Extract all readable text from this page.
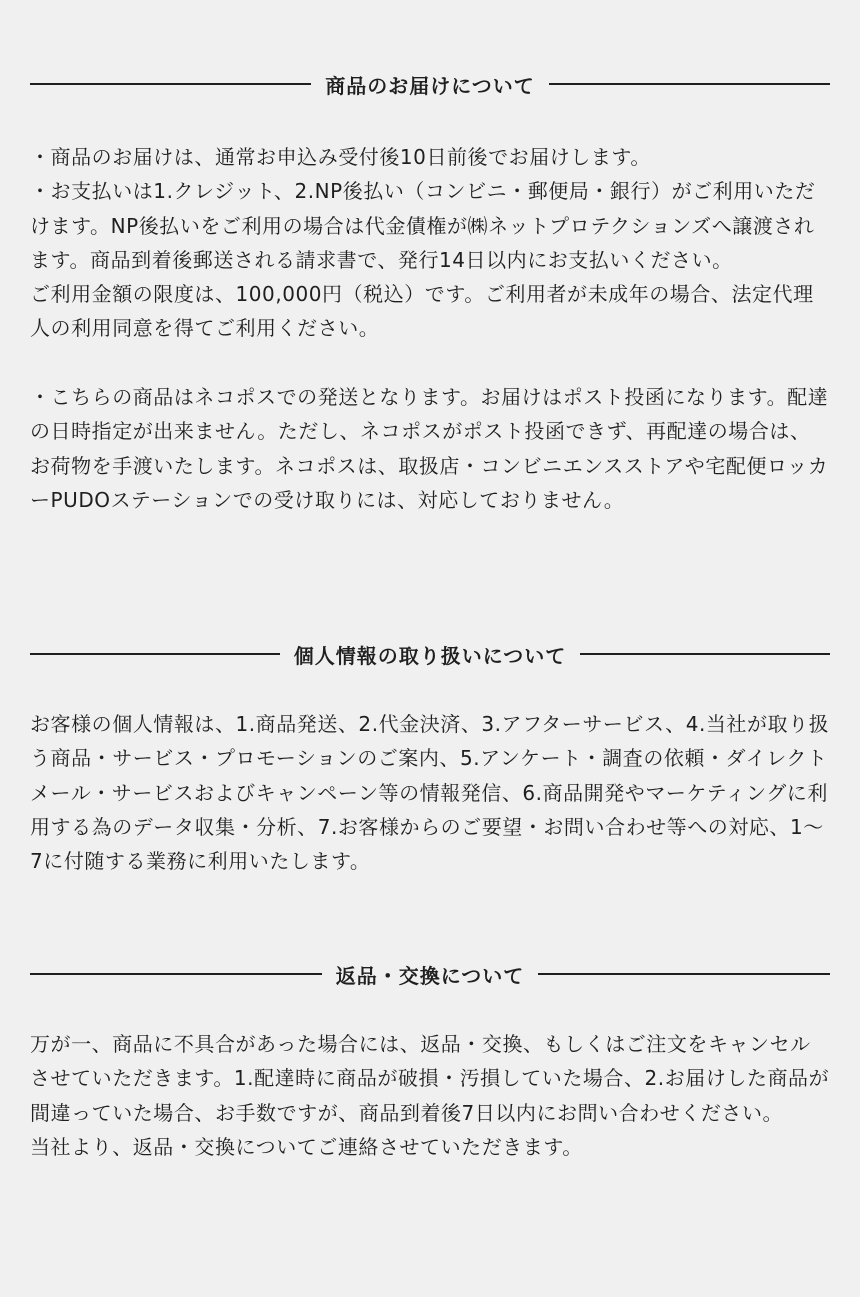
商品のお届けについて

・商品のお届けは、通常お申込み受付後10日前後でお届けします。

・お支払いは1.クレジット、2.NP後払い（コンビニ・郵便局・銀行）がご利用いただけます。NP後払いをご利用の場合は代金債権が㈱ネットプロテクションズへ譲渡されます。商品到着後郵送される請求書で、発行14日以内にお支払いください。

ご利用金額の限度は、100,000円（税込）です。ご利用者が未成年の場合、法定代理人の利用同意を得てご利用ください。

・こちらの商品はネコポスでの発送となります。お届けはポスト投函になります。配達の日時指定が出来ません。ただし、ネコポスがポスト投函できず、再配達の場合は、お荷物を手渡いたします。ネコポスは、取扱店・コンビニエンスストアや宅配便ロッカーPUDOステーションでの受け取りには、対応しておりません。

個人情報の取り扱いについて

お客様の個人情報は、1.商品発送、2.代金決済、3.アフターサービス、4.当社が取り扱う商品・サービス・プロモーションのご案内、5.アンケート・調査の依頼・ダイレクトメール・サービスおよびキャンペーン等の情報発信、6.商品開発やマーケティングに利用する為のデータ収集・分析、7.お客様からのご要望・お問い合わせ等への対応、1～7に付随する業務に利用いたします。

返品・交換について

万が一、商品に不具合があった場合には、返品・交換、もしくはご注文をキャンセルさせていただきます。1.配達時に商品が破損・汚損していた場合、2.お届けした商品が間違っていた場合、お手数ですが、商品到着後7日以内にお問い合わせください。

当社より、返品・交換についてご連絡させていただきます。
